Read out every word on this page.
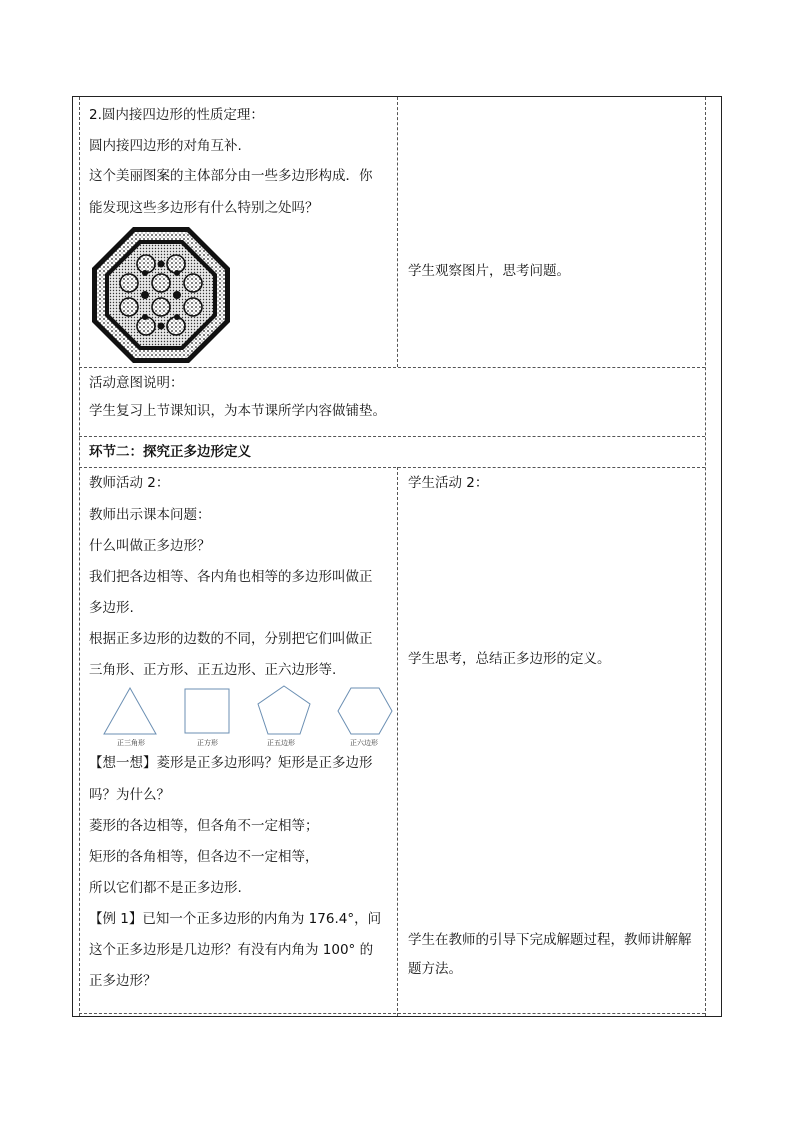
2.圆内接四边形的性质定理：
圆内接四边形的对角互补.
这个美丽图案的主体部分由一些多边形构成．你
能发现这些多边形有什么特别之处吗？
学生观察图片，思考问题。
活动意图说明：
学生复习上节课知识，为本节课所学内容做铺垫。
环节二：探究正多边形定义
教师活动 2：
教师出示课本问题：
什么叫做正多边形？
我们把各边相等、各内角也相等的多边形叫做正
多边形.
根据正多边形的边数的不同，分别把它们叫做正
三角形、正方形、正五边形、正六边形等.
正三角形	正方形	正五边形	正六边形
【想一想】菱形是正多边形吗？矩形是正多边形
吗？为什么？
菱形的各边相等，但各角不一定相等；
矩形的各角相等，但各边不一定相等，
所以它们都不是正多边形.
【例 1】已知一个正多边形的内角为 176.4°，问
这个正多边形是几边形？有没有内角为 100° 的
正多边形？
学生活动 2：
学生思考，总结正多边形的定义。
学生在教师的引导下完成解题过程，教师讲解解
题方法。
